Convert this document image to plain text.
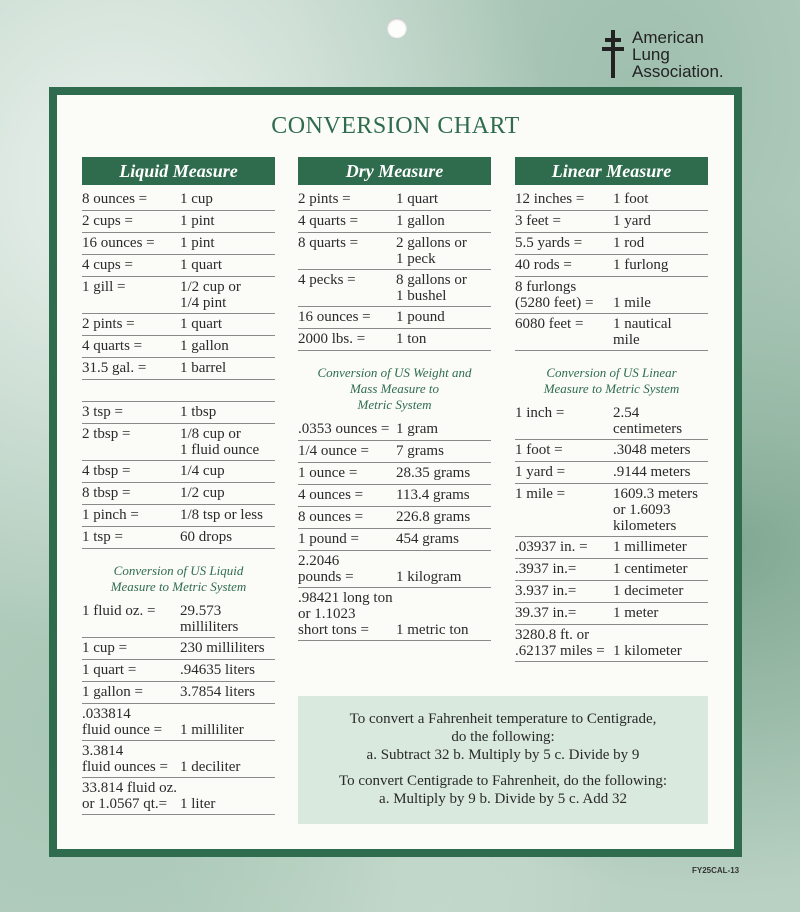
American
Lung
Association.
CONVERSION CHART
Liquid Measure
8 ounces =	1 cup
2 cups =	1 pint
16 ounces =	1 pint
4 cups =	1 quart
1 gill =	1/2 cup or
1/4 pint
2 pints =	1 quart
4 quarts =	1 gallon
31.5 gal. =	1 barrel
3 tsp =	1 tbsp
2 tbsp =	1/8 cup or
1 fluid ounce
4 tbsp =	1/4 cup
8 tbsp =	1/2 cup
1 pinch =	1/8 tsp or less
1 tsp =	60 drops
Conversion of US Liquid
Measure to Metric System
1 fluid oz. =	29.573
milliliters
1 cup =	230 milliliters
1 quart =	.94635 liters
1 gallon =	3.7854 liters
.033814
fluid ounce =	1 milliliter
3.3814
fluid ounces = 1 deciliter
33.814 fluid oz.
or 1.0567 qt.= 1 liter
Dry Measure
2 pints =	1 quart
4 quarts =	1 gallon
8 quarts =	2 gallons or
1 peck
4 pecks =	8 gallons or
1 bushel
16 ounces =	1 pound
2000 lbs. =	1 ton
Conversion of US Weight and
Mass Measure to
Metric System
.0353 ounces = 1 gram
1/4 ounce =	7 grams
1 ounce =	28.35 grams
4 ounces =	113.4 grams
8 ounces =	226.8 grams
1 pound =	454 grams
2.2046
pounds =	1 kilogram
.98421 long ton
or 1.1023
short tons =	1 metric ton
Linear Measure
12 inches =	1 foot
3 feet =	1 yard
5.5 yards =	1 rod
40 rods =	1 furlong
8 furlongs
(5280 feet) =	1 mile
6080 feet =	1 nautical
mile
Conversion of US Linear
Measure to Metric System
1 inch =	2.54
centimeters
1 foot =	.3048 meters
1 yard =	.9144 meters
1 mile =	1609.3 meters
or 1.6093
kilometers
.03937 in. =	1 millimeter
.3937 in.=	1 centimeter
3.937 in.=	1 decimeter
39.37 in.=	1 meter
3280.8 ft. or
.62137 miles = 1 kilometer

To convert a Fahrenheit temperature to Centigrade,
do the following:
a. Subtract 32 b. Multiply by 5 c. Divide by 9

To convert Centigrade to Fahrenheit, do the following:
a. Multiply by 9 b. Divide by 5 c. Add 32

FY25CAL-13
